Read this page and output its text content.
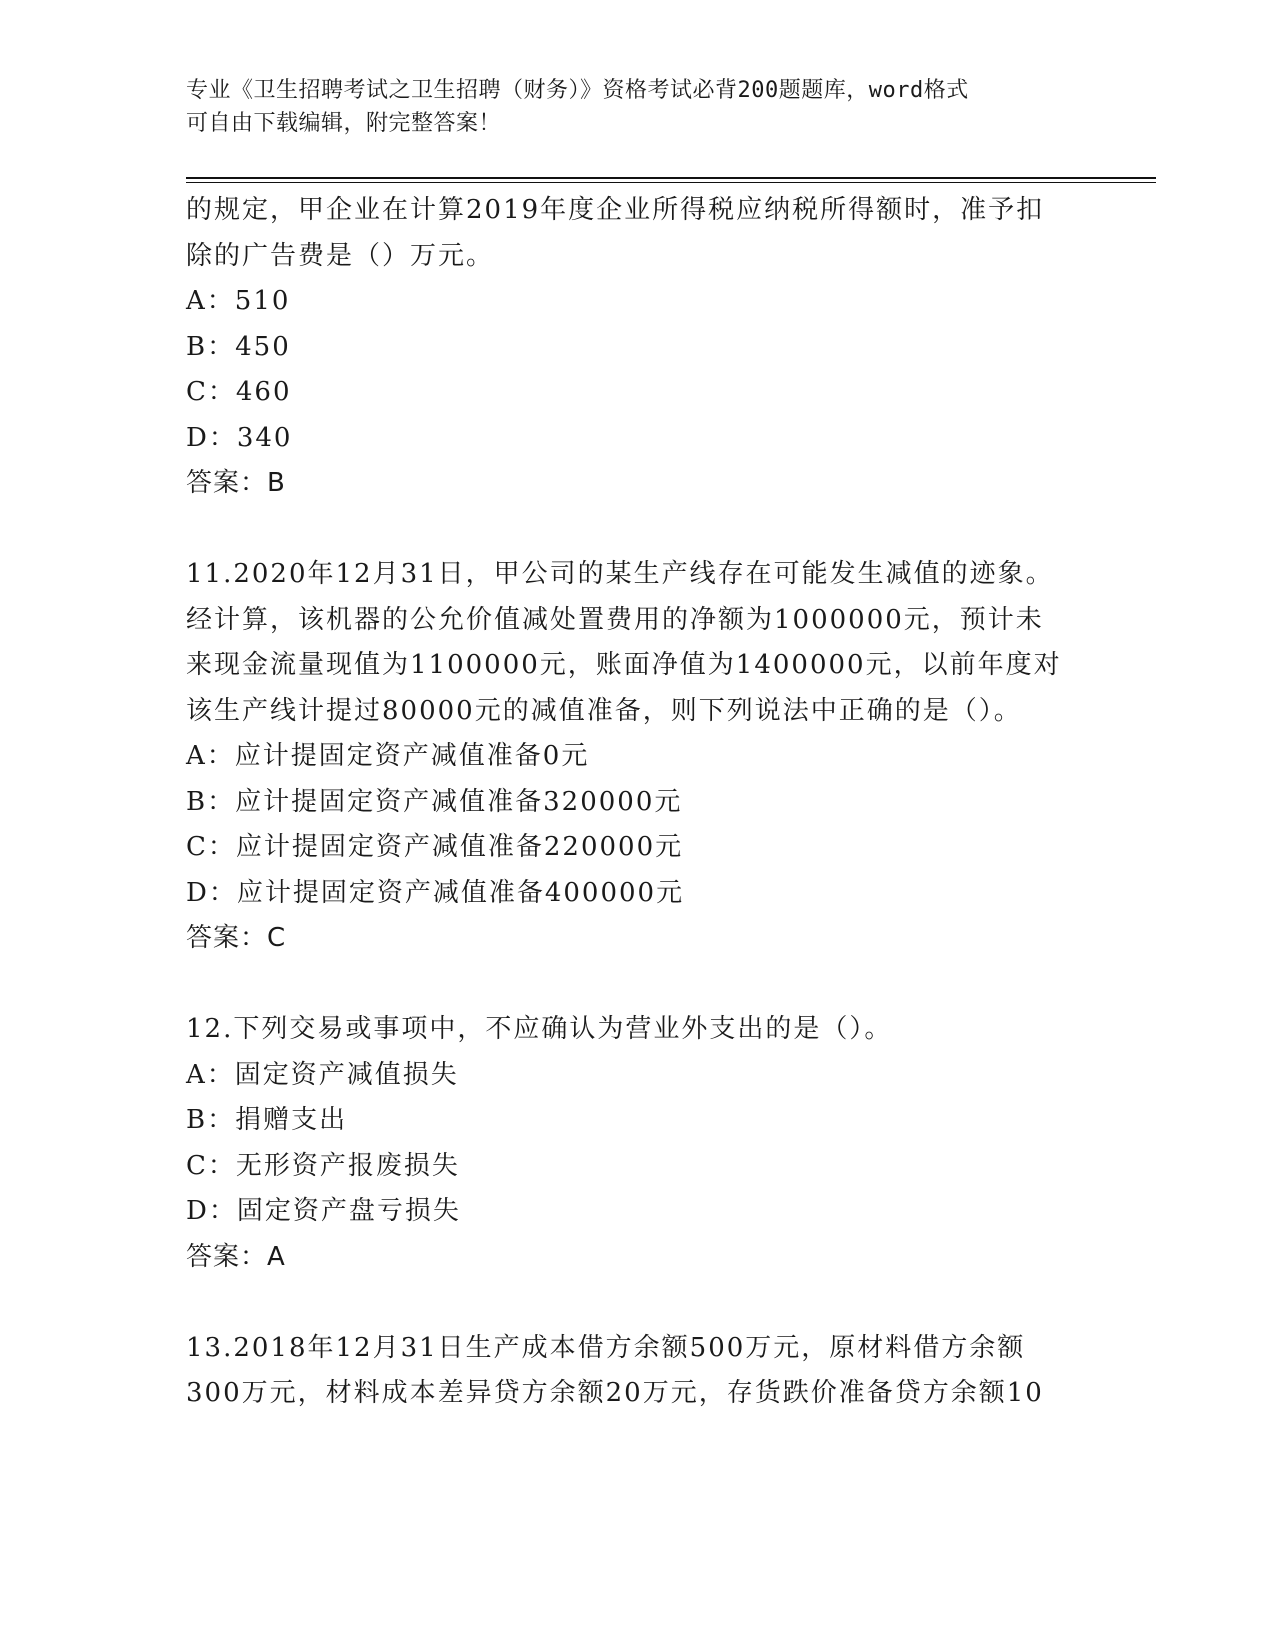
专业《卫生招聘考试之卫生招聘（财务）》资格考试必背200题题库，word格式
可自由下载编辑，附完整答案！
的规定，甲企业在计算2019年度企业所得税应纳税所得额时，准予扣
除的广告费是（）万元。
A：510
B：450
C：460
D：340
答案：B
11.2020年12月31日，甲公司的某生产线存在可能发生减值的迹象。
经计算，该机器的公允价值减处置费用的净额为1000000元，预计未
来现金流量现值为1100000元，账面净值为1400000元，以前年度对
该生产线计提过80000元的减值准备，则下列说法中正确的是（）。
A：应计提固定资产减值准备0元
B：应计提固定资产减值准备320000元
C：应计提固定资产减值准备220000元
D：应计提固定资产减值准备400000元
答案：C
12.下列交易或事项中，不应确认为营业外支出的是（）。
A：固定资产减值损失
B：捐赠支出
C：无形资产报废损失
D：固定资产盘亏损失
答案：A
13.2018年12月31日生产成本借方余额500万元，原材料借方余额
300万元，材料成本差异贷方余额20万元，存货跌价准备贷方余额10
